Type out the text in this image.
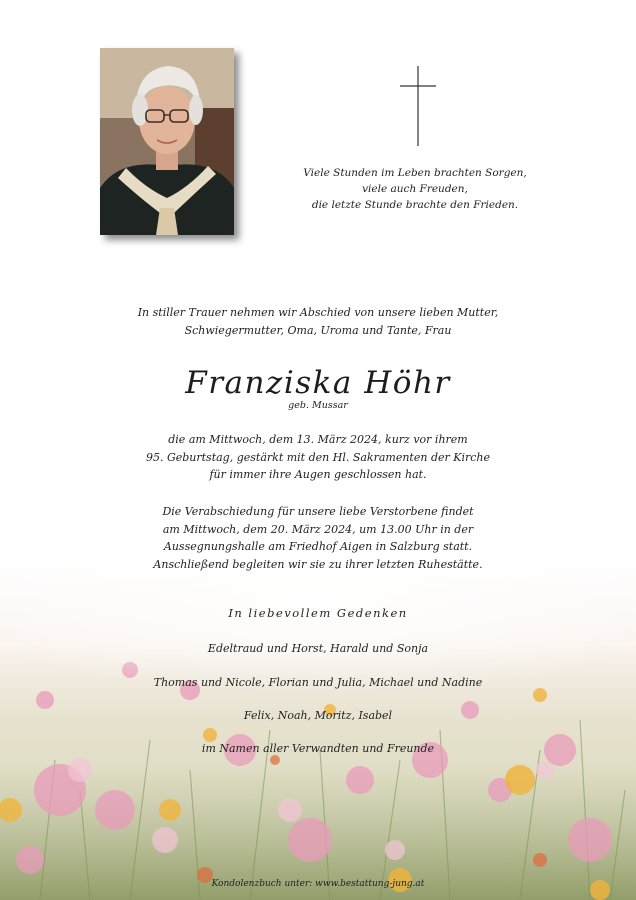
Viele Stunden im Leben brachten Sorgen,
viele auch Freuden,
die letzte Stunde brachte den Frieden.
In stiller Trauer nehmen wir Abschied von unsere lieben Mutter,
Schwiegermutter, Oma, Uroma und Tante, Frau
Franziska Höhr
geb. Mussar
die am Mittwoch, dem 13. März 2024, kurz vor ihrem
95. Geburtstag, gestärkt mit den Hl. Sakramenten der Kirche
für immer ihre Augen geschlossen hat.
Die Verabschiedung für unsere liebe Verstorbene findet
am Mittwoch, dem 20. März 2024, um 13.00 Uhr in der
Aussegnungshalle am Friedhof Aigen in Salzburg statt.
Anschließend begleiten wir sie zu ihrer letzten Ruhestätte.
In liebevollem Gedenken
Edeltraud und Horst, Harald und Sonja
Thomas und Nicole, Florian und Julia, Michael und Nadine
Felix, Noah, Moritz, Isabel
im Namen aller Verwandten und Freunde
Kondolenzbuch unter: www.bestattung-jung.at
